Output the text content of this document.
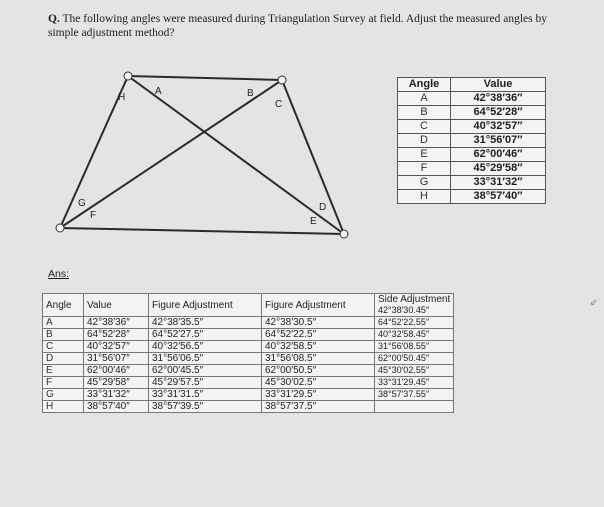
Q. The following angles were measured during Triangulation Survey at field. Adjust the measured angles by simple adjustment method?
H
A	B
C
D
E
F
G
Angle	Value
A	42°38′36″
B	64°52′28″
C	40°32′57″
D	31°56′07″
E	62°00′46″
F	45°29′58″
G	33°31′32″
H	38°57′40″
Ans:
Angle	Value	Figure Adjustment	Figure Adjustment	Side Adjustment
42°38′30.45″
A	42°38′36″	42°38′35.5″	42°38′30.5″	64°52′22.55″
B	64°52′28″	64°52′27.5″	64°52′22.5″	40°32′58.45″
C	40°32′57″	40°32′56.5″	40°32′58.5″	31°56′08.55″
D	31°56′07″	31°56′06.5″	31°56′08.5″	62°00′50.45″
E	62°00′46″	62°00′45.5″	62°00′50.5″	45°30′02.55″
F	45°29′58″	45°29′57.5″	45°30′02.5″	33°31′29.45″
G	33°31′32″	33°31′31.5″	33°31′29.5″	38°57′37.55″
H	38°57′40″	38°57′39.5″	38°57′37.5″	
⇙
